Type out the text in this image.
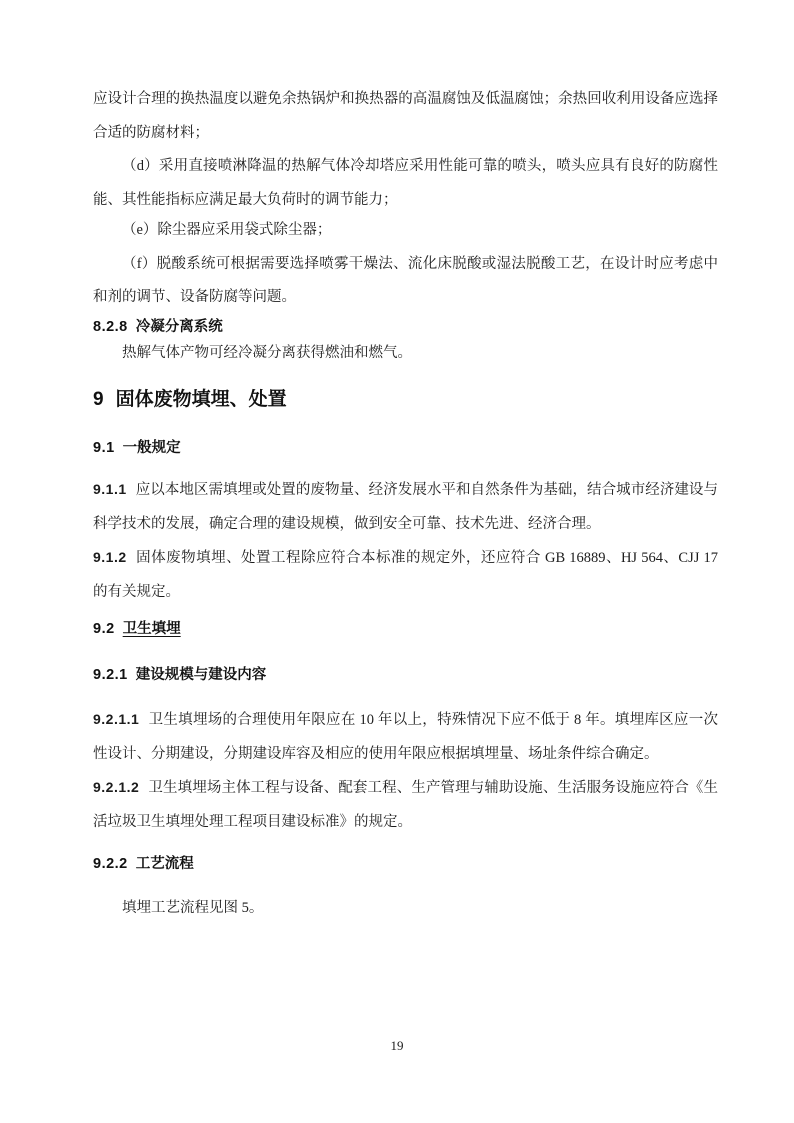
应设计合理的换热温度以避免余热锅炉和换热器的高温腐蚀及低温腐蚀；余热回收利用设备应选择合适的防腐材料；

（d）采用直接喷淋降温的热解气体冷却塔应采用性能可靠的喷头，喷头应具有良好的防腐性能、其性能指标应满足最大负荷时的调节能力；

（e）除尘器应采用袋式除尘器；

（f）脱酸系统可根据需要选择喷雾干燥法、流化床脱酸或湿法脱酸工艺，在设计时应考虑中和剂的调节、设备防腐等问题。

8.2.8 冷凝分离系统

热解气体产物可经冷凝分离获得燃油和燃气。

9 固体废物填埋、处置
9.1 一般规定

9.1.1 应以本地区需填埋或处置的废物量、经济发展水平和自然条件为基础，结合城市经济建设与科学技术的发展，确定合理的建设规模，做到安全可靠、技术先进、经济合理。

9.1.2 固体废物填埋、处置工程除应符合本标准的规定外，还应符合 GB 16889、HJ 564、CJJ 17 的有关规定。

9.2 卫生填埋
9.2.1 建设规模与建设内容

9.2.1.1 卫生填埋场的合理使用年限应在 10 年以上，特殊情况下应不低于 8 年。填埋库区应一次性设计、分期建设，分期建设库容及相应的使用年限应根据填埋量、场址条件综合确定。

9.2.1.2 卫生填埋场主体工程与设备、配套工程、生产管理与辅助设施、生活服务设施应符合《生活垃圾卫生填埋处理工程项目建设标准》的规定。

9.2.2 工艺流程

填埋工艺流程见图 5。

19
